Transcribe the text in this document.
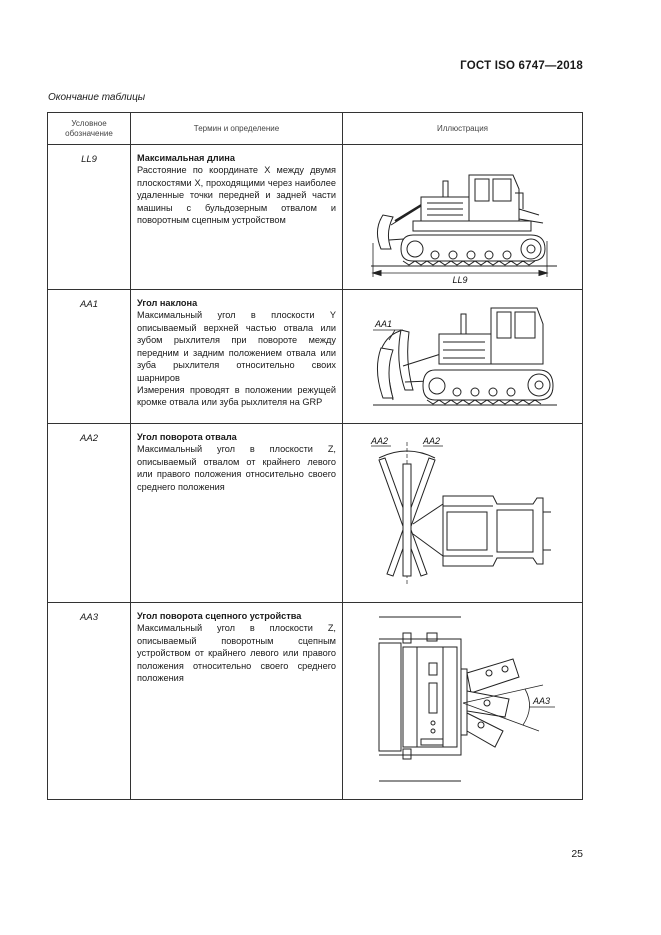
ГОСТ ISO 6747—2018
Окончание таблицы
Условное обозначение	Термин и определение	Иллюстрация
LL9	Максимальная длина
Расстояние по координате X между двумя плоскостями X, проходящими через наиболее удаленные точки передней и задней части машины с бульдозерным отвалом и поворотным сцепным устройством	LL9

AA1	Угол наклона
Максимальный угол в плоскости Y описываемый верхней частью отвала или зубом рыхлителя при повороте между передним и задним положением отвала или зуба рыхлителя относительно своих шарниров
Измерения проводят в положении режущей кромке отвала или зуба рыхлителя на GRP	AA1

AA2	Угол поворота отвала
Максимальный угол в плоскости Z, описываемый отвалом от крайнего левого или правого положения относительно своего среднего положения	AA2 AA2

AA3	Угол поворота сцепного устройства
Максимальный угол в плоскости Z, описываемый поворотным сцепным устройством от крайнего левого или правого положения относительно своего среднего положения	AA3
25
